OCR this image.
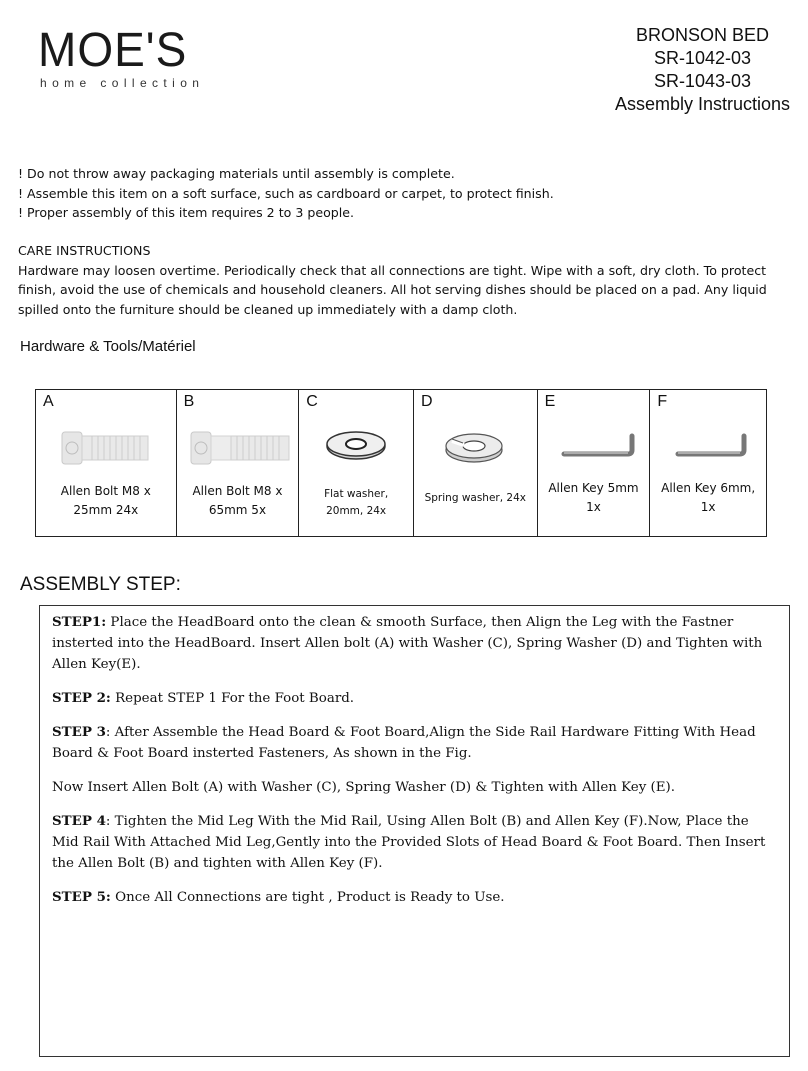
MOE'S
home collection
BRONSON BED
SR-1042-03
SR-1043-03
Assembly Instructions
! Do not throw away packaging materials until assembly is complete.
! Assemble this item on a soft surface, such as cardboard or carpet, to protect finish.
! Proper assembly of this item requires 2 to 3 people.
CARE INSTRUCTIONS
Hardware may loosen overtime. Periodically check that all connections are tight. Wipe with a soft, dry cloth. To protect finish, avoid the use of chemicals and household cleaners. All hot serving dishes should be placed on a pad. Any liquid spilled onto the furniture should be cleaned up immediately with a damp cloth.
Hardware & Tools/Matériel
A
Allen Bolt M8 x
25mm 24x
B
Allen Bolt M8 x
65mm 5x
C
Flat washer,
20mm, 24x
D
Spring washer, 24x
E
Allen Key 5mm
1x
F
Allen Key 6mm,
1x
ASSEMBLY STEP:

STEP1: Place the HeadBoard onto the clean & smooth Surface, then Align the Leg with the Fastner insterted into the HeadBoard. Insert Allen bolt (A) with Washer (C), Spring Washer (D) and Tighten with Allen Key(E).

STEP 2: Repeat STEP 1 For the Foot Board.

STEP 3: After Assemble the Head Board & Foot Board,Align the Side Rail Hardware Fitting With Head Board & Foot Board insterted Fasteners, As shown in the Fig.

Now Insert Allen Bolt (A) with Washer (C), Spring Washer (D) & Tighten with Allen Key (E).

STEP 4: Tighten the Mid Leg With the Mid Rail, Using Allen Bolt (B) and Allen Key (F).Now, Place the Mid Rail With Attached Mid Leg,Gently into the Provided Slots of Head Board & Foot Board. Then Insert the Allen Bolt (B) and tighten with Allen Key (F).

STEP 5: Once All Connections are tight , Product is Ready to Use.
